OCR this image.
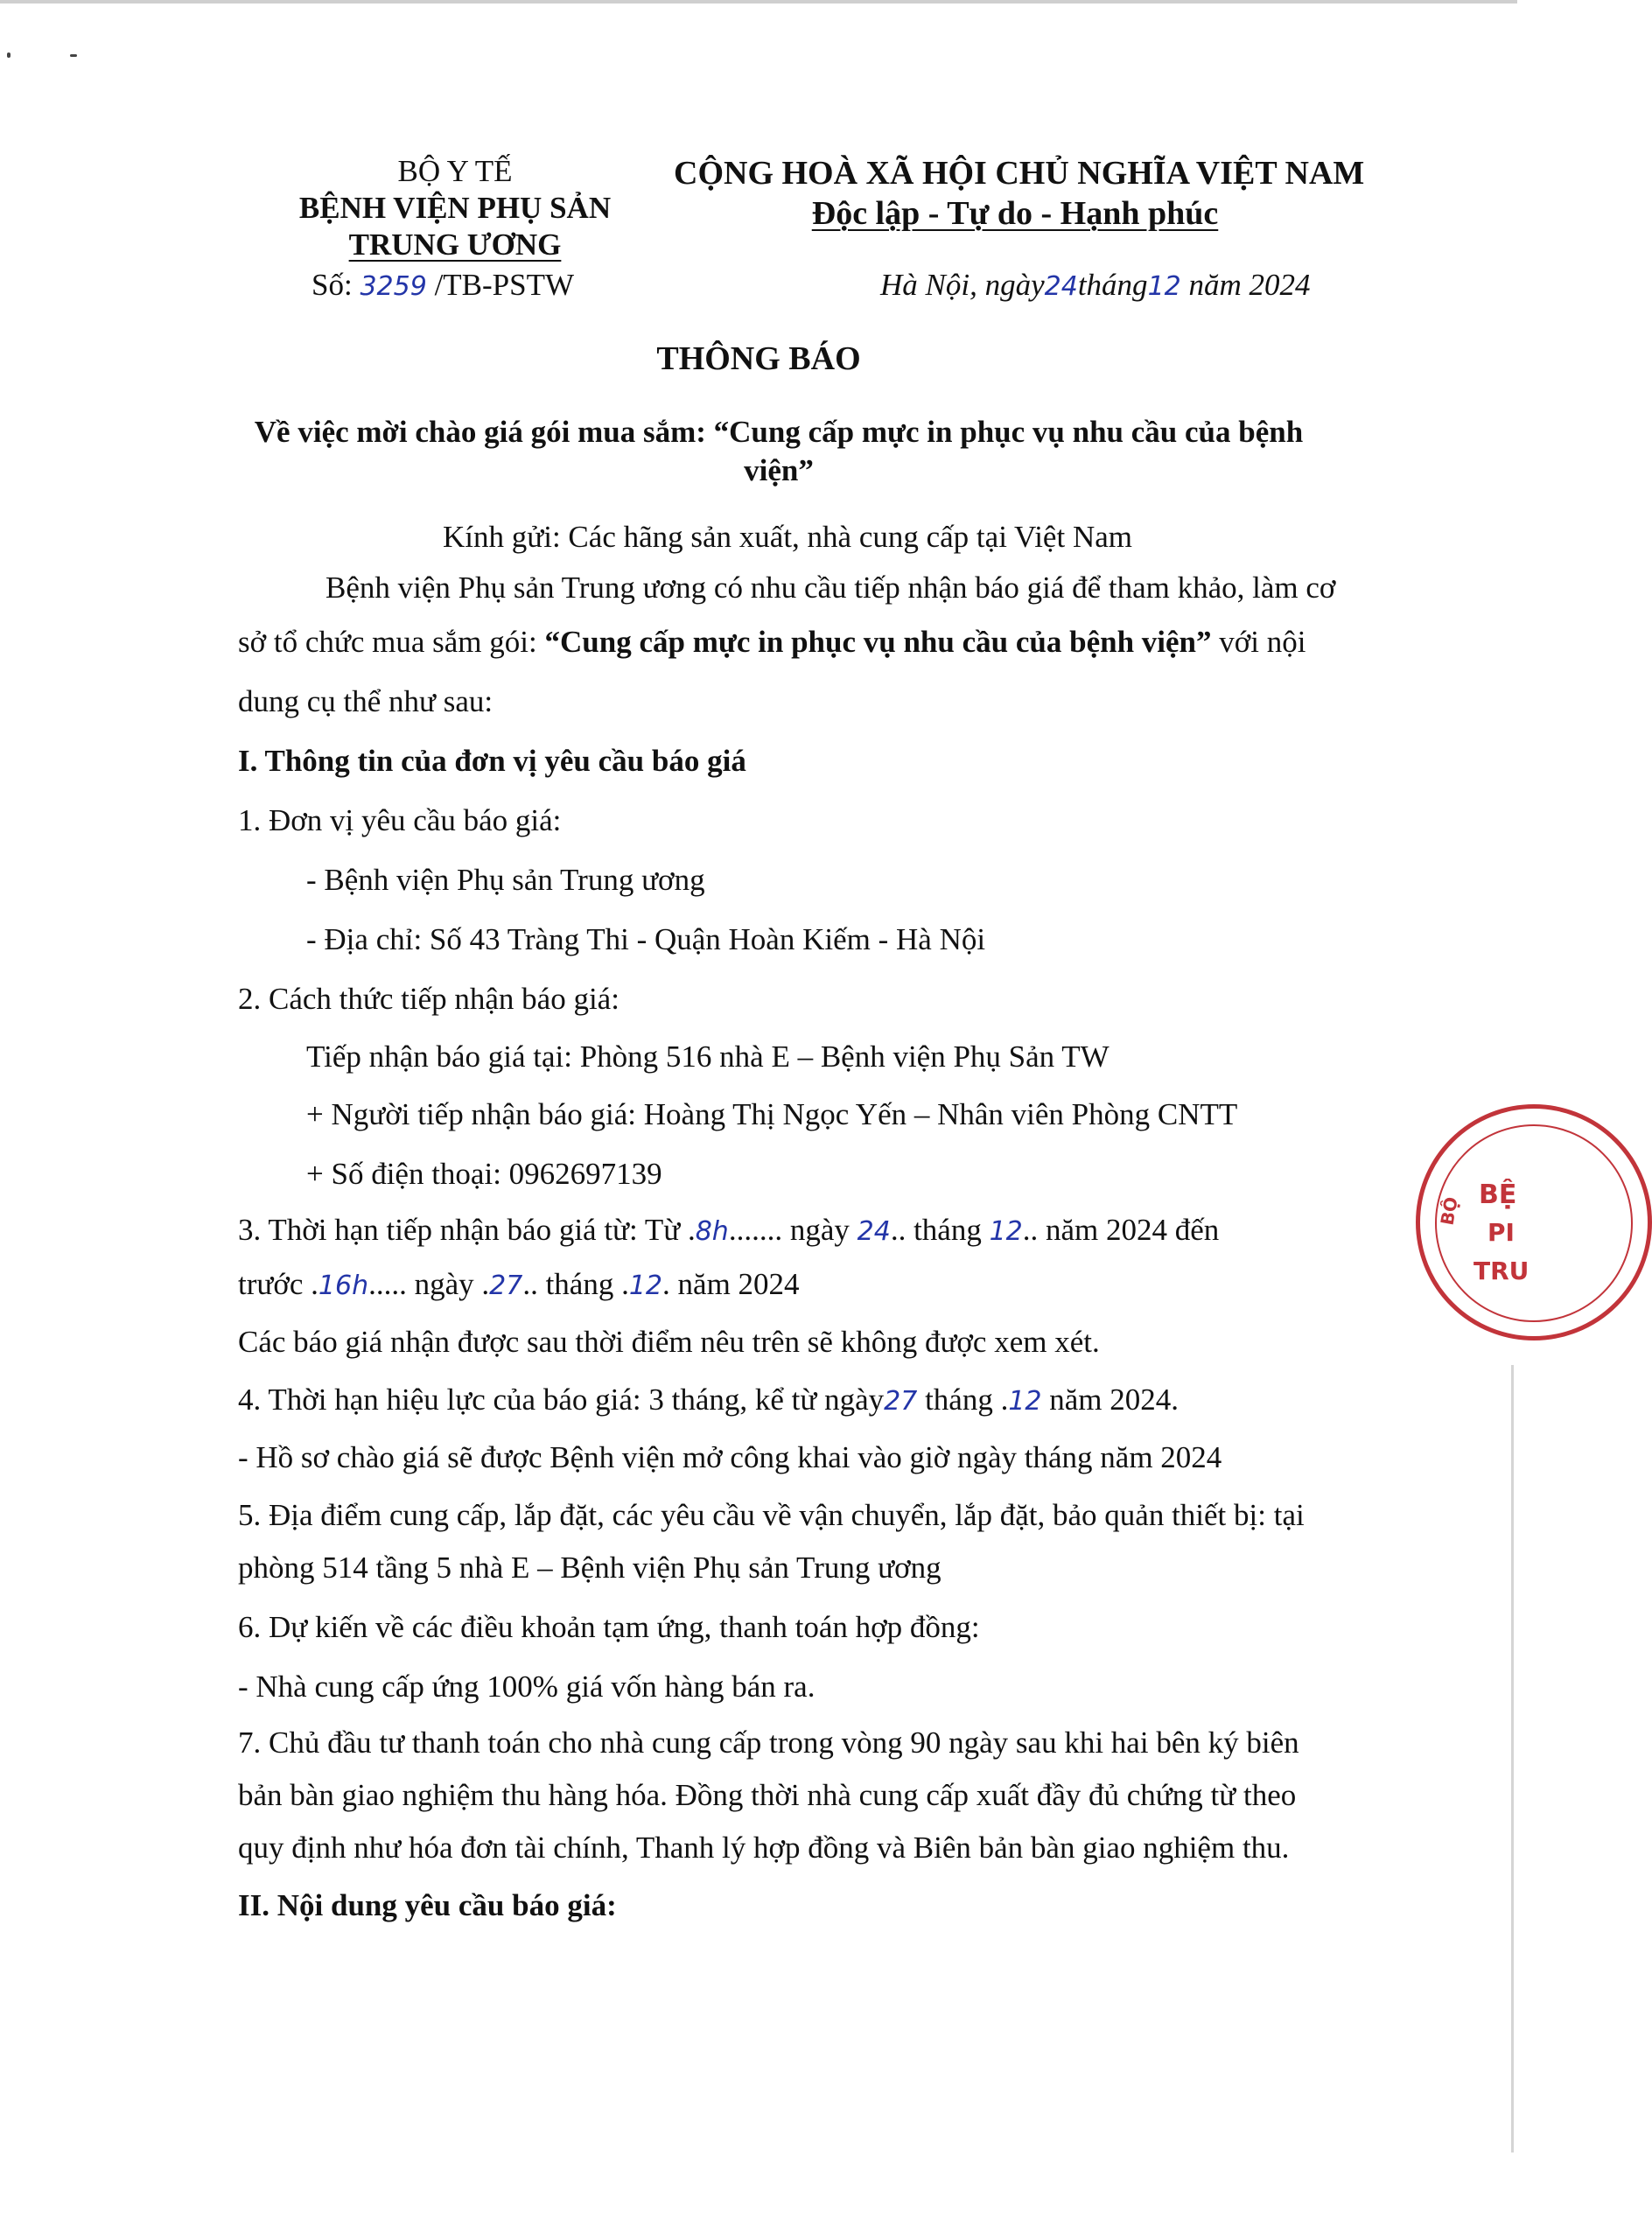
BỘ Y TẾ
BỆNH VIỆN PHỤ SẢN
TRUNG ƯƠNG
Số: 3259 /TB-PSTW
CỘNG HOÀ XÃ HỘI CHỦ NGHĨA VIỆT NAM
Độc lập - Tự do - Hạnh phúc
Hà Nội, ngày24tháng12 năm 2024
THÔNG BÁO
Về việc mời chào giá gói mua sắm: “Cung cấp mực in phục vụ nhu cầu của bệnh
viện”
Kính gửi: Các hãng sản xuất, nhà cung cấp tại Việt Nam
Bệnh viện Phụ sản Trung ương có nhu cầu tiếp nhận báo giá để tham khảo, làm cơ
sở tổ chức mua sắm gói: “Cung cấp mực in phục vụ nhu cầu của bệnh viện” với nội
dung cụ thể như sau:
I. Thông tin của đơn vị yêu cầu báo giá
1. Đơn vị yêu cầu báo giá:
- Bệnh viện Phụ sản Trung ương
- Địa chỉ: Số 43 Tràng Thi - Quận Hoàn Kiếm - Hà Nội
2. Cách thức tiếp nhận báo giá:
Tiếp nhận báo giá tại: Phòng 516 nhà E – Bệnh viện Phụ Sản TW
+ Người tiếp nhận báo giá: Hoàng Thị Ngọc Yến – Nhân viên Phòng CNTT
+ Số điện thoại: 0962697139
3. Thời hạn tiếp nhận báo giá từ: Từ .8h....... ngày 24.. tháng 12.. năm 2024 đến
trước .16h..... ngày .27.. tháng .12. năm 2024
Các báo giá nhận được sau thời điểm nêu trên sẽ không được xem xét.
4. Thời hạn hiệu lực của báo giá: 3 tháng, kể từ ngày27 tháng .12 năm 2024.
- Hồ sơ chào giá sẽ được Bệnh viện mở công khai vào giờ ngày tháng năm 2024
5. Địa điểm cung cấp, lắp đặt, các yêu cầu về vận chuyển, lắp đặt, bảo quản thiết bị: tại
phòng 514 tầng 5 nhà E – Bệnh viện Phụ sản Trung ương
6. Dự kiến về các điều khoản tạm ứng, thanh toán hợp đồng:
- Nhà cung cấp ứng 100% giá vốn hàng bán ra.
7. Chủ đầu tư thanh toán cho nhà cung cấp trong vòng 90 ngày sau khi hai bên ký biên
bản bàn giao nghiệm thu hàng hóa. Đồng thời nhà cung cấp xuất đầy đủ chứng từ theo
quy định như hóa đơn tài chính, Thanh lý hợp đồng và Biên bản bàn giao nghiệm thu.
II. Nội dung yêu cầu báo giá:
BỆ
PI
TRU
BỘ
